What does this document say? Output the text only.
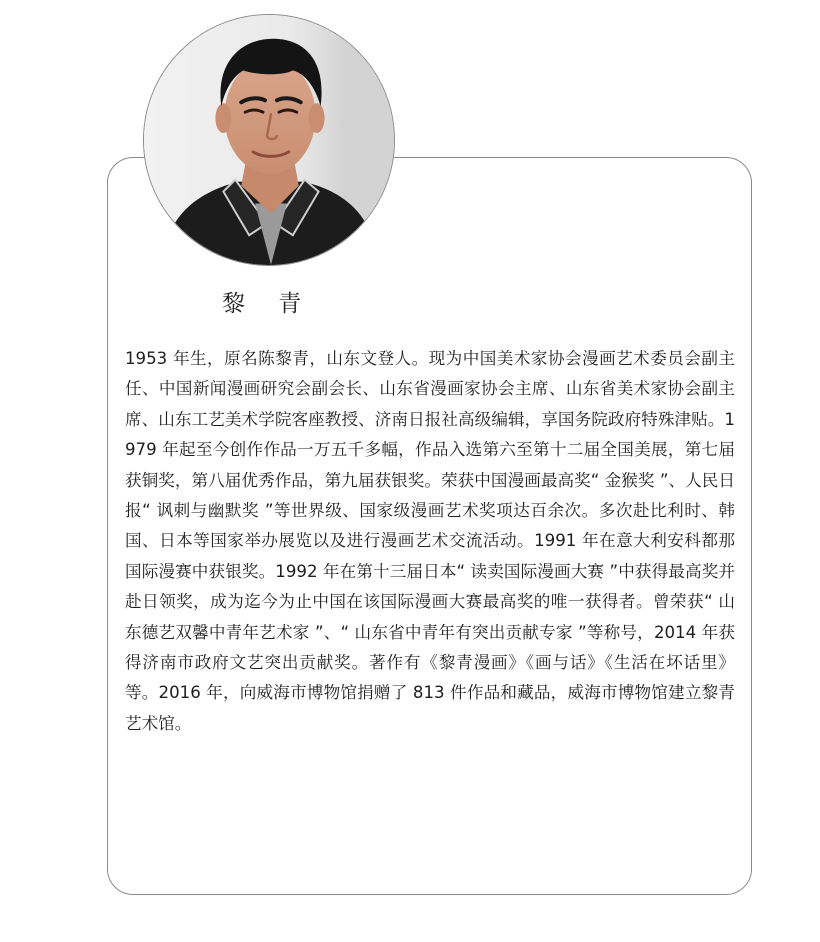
黎 青

1953 年生，原名陈黎青，山东文登人。现为中国美术家协会漫画艺术委员会副主任、中国新闻漫画研究会副会长、山东省漫画家协会主席、山东省美术家协会副主席、山东工艺美术学院客座教授、济南日报社高级编辑，享国务院政府特殊津贴。1979 年起至今创作作品一万五千多幅，作品入选第六至第十二届全国美展，第七届获铜奖，第八届优秀作品，第九届获银奖。荣获中国漫画最高奖“ 金猴奖 ”、人民日报“ 讽刺与幽默奖 ”等世界级、国家级漫画艺术奖项达百余次。多次赴比利时、韩国、日本等国家举办展览以及进行漫画艺术交流活动。1991 年在意大利安科都那国际漫赛中获银奖。1992 年在第十三届日本“ 读卖国际漫画大赛 ”中获得最高奖并赴日领奖，成为迄今为止中国在该国际漫画大赛最高奖的唯一获得者。曾荣获“ 山东德艺双馨中青年艺术家 ”、“ 山东省中青年有突出贡献专家 ”等称号，2014 年获得济南市政府文艺突出贡献奖。著作有《黎青漫画》《画与话》《生活在坏话里》等。2016 年，向威海市博物馆捐赠了 813 件作品和藏品，威海市博物馆建立黎青艺术馆。
